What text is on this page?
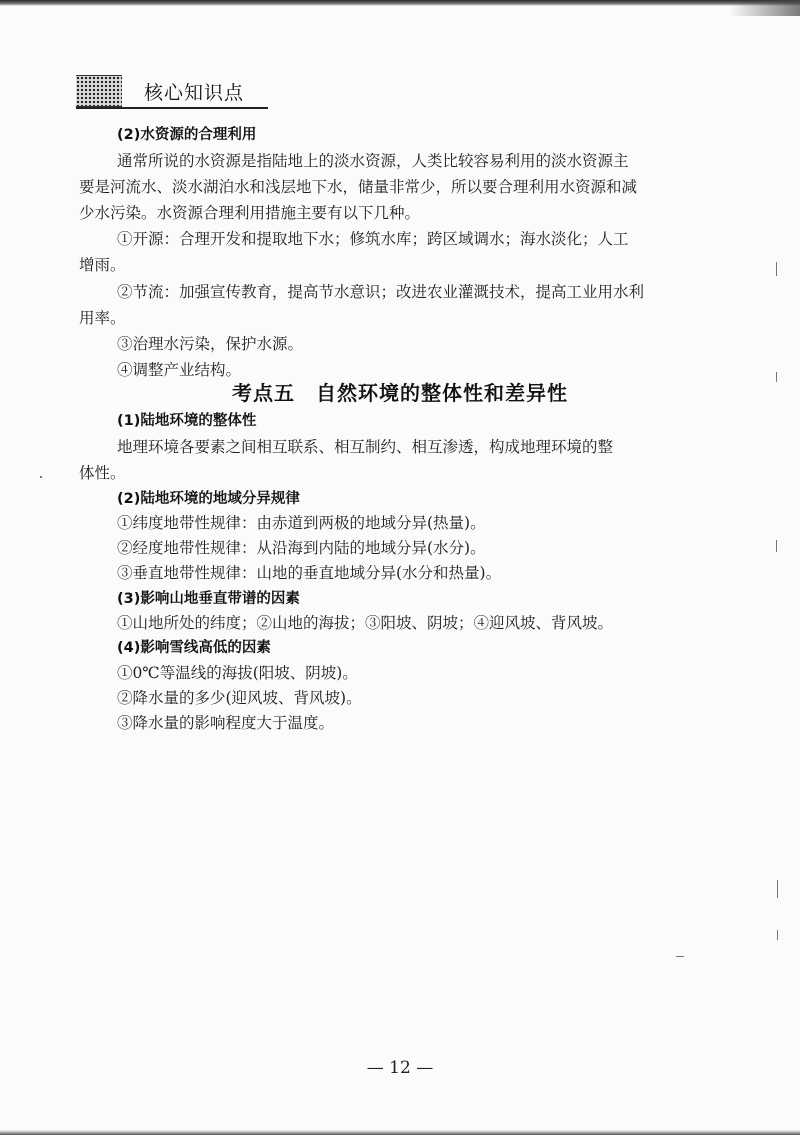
核心知识点

(2)水资源的合理利用

通常所说的水资源是指陆地上的淡水资源，人类比较容易利用的淡水资源主

要是河流水、淡水湖泊水和浅层地下水，储量非常少，所以要合理利用水资源和减

少水污染。水资源合理利用措施主要有以下几种。

①开源：合理开发和提取地下水；修筑水库；跨区域调水；海水淡化；人工

增雨。

②节流：加强宣传教育，提高节水意识；改进农业灌溉技术，提高工业用水利

用率。

③治理水污染，保护水源。

④调整产业结构。

考点五　自然环境的整体性和差异性

(1)陆地环境的整体性

地理环境各要素之间相互联系、相互制约、相互渗透，构成地理环境的整

体性。

(2)陆地环境的地域分异规律

①纬度地带性规律：由赤道到两极的地域分异(热量)。

②经度地带性规律：从沿海到内陆的地域分异(水分)。

③垂直地带性规律：山地的垂直地域分异(水分和热量)。

(3)影响山地垂直带谱的因素

①山地所处的纬度；②山地的海拔；③阳坡、阴坡；④迎风坡、背风坡。

(4)影响雪线高低的因素

①0℃等温线的海拔(阳坡、阴坡)。

②降水量的多少(迎风坡、背风坡)。

③降水量的影响程度大于温度。

— 12 —
